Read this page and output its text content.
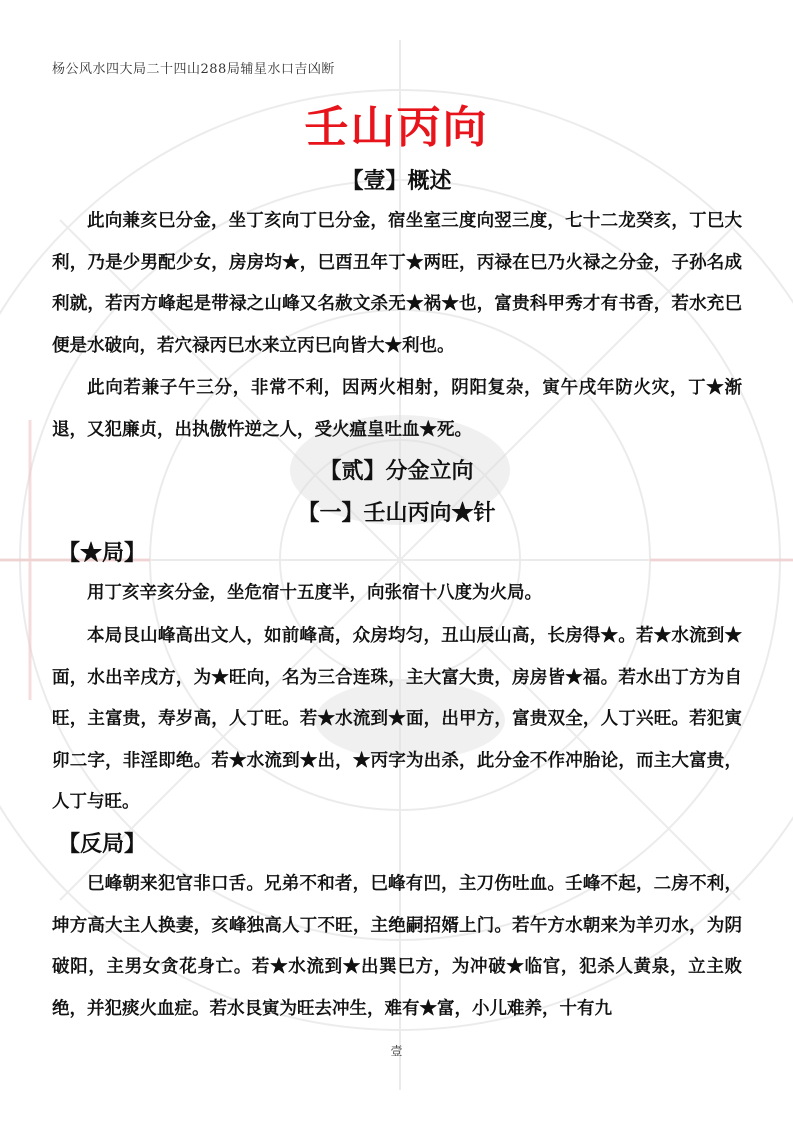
杨公风水四大局二十四山288局辅星水口吉凶断
壬山丙向
【壹】概述
此向兼亥巳分金，坐丁亥向丁巳分金，宿坐室三度向翌三度，七十二龙癸亥，丁巳大利，乃是少男配少女，房房均★，巳酉丑年丁★两旺，丙禄在巳乃火禄之分金，子孙名成利就，若丙方峰起是带禄之山峰又名赦文杀无★祸★也，富贵科甲秀才有书香，若水充巳便是水破向，若穴禄丙巳水来立丙巳向皆大★利也。
此向若兼子午三分，非常不利，因两火相射，阴阳复杂，寅午戌年防火灾，丁★渐退，又犯廉贞，出执傲忤逆之人，受火瘟皇吐血★死。
【贰】分金立向
【一】壬山丙向★针
【★局】
用丁亥辛亥分金，坐危宿十五度半，向张宿十八度为火局。
本局艮山峰高出文人，如前峰高，众房均匀，丑山辰山高，长房得★。若★水流到★面，水出辛戌方，为★旺向，名为三合连珠，主大富大贵，房房皆★福。若水出丁方为自旺，主富贵，寿岁高，人丁旺。若★水流到★面，出甲方，富贵双全，人丁兴旺。若犯寅卯二字，非淫即绝。若★水流到★出，★丙字为出杀，此分金不作冲胎论，而主大富贵，人丁与旺。
【反局】
巳峰朝来犯官非口舌。兄弟不和者，巳峰有凹，主刀伤吐血。壬峰不起，二房不利，坤方高大主人换妻，亥峰独高人丁不旺，主绝嗣招婿上门。若午方水朝来为羊刃水，为阴破阳，主男女贪花身亡。若★水流到★出巽巳方，为冲破★临官，犯杀人黄泉，立主败绝，并犯痰火血症。若水艮寅为旺去冲生，难有★富，小儿难养，十有九
壹
